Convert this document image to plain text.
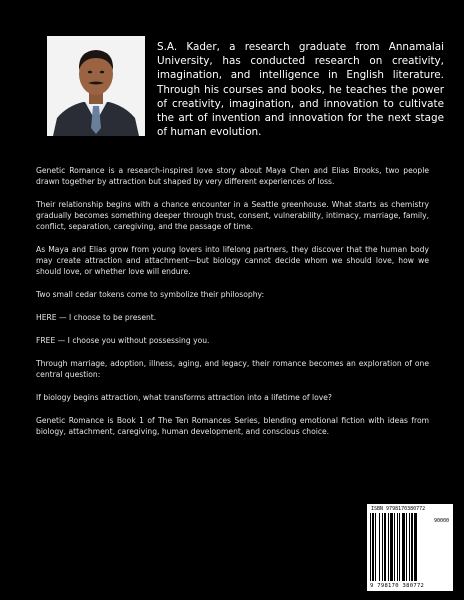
S.A. Kader, a research graduate from Annamalai University, has conducted research on creativity, imagination, and intelligence in English literature. Through his courses and books, he teaches the power of creativity, imagination, and innovation to cultivate the art of invention and innovation for the next stage of human evolution.

Genetic Romance is a research-inspired love story about Maya Chen and Elias Brooks, two people drawn together by attraction but shaped by very different experiences of loss.

Their relationship begins with a chance encounter in a Seattle greenhouse. What starts as chemistry gradually becomes something deeper through trust, consent, vulnerability, intimacy, marriage, family, conflict, separation, caregiving, and the passage of time.

As Maya and Elias grow from young lovers into lifelong partners, they discover that the human body may create attraction and attachment—but biology cannot decide whom we should love, how we should love, or whether love will endure.

Two small cedar tokens come to symbolize their philosophy:

HERE — I choose to be present.

FREE — I choose you without possessing you.

Through marriage, adoption, illness, aging, and legacy, their romance becomes an exploration of one central question:

If biology begins attraction, what transforms attraction into a lifetime of love?

Genetic Romance is Book 1 of The Ten Romances Series, blending emotional fiction with ideas from biology, attachment, caregiving, human development, and conscious choice.

ISBN 9798170380772
90000
9 798170 380772
